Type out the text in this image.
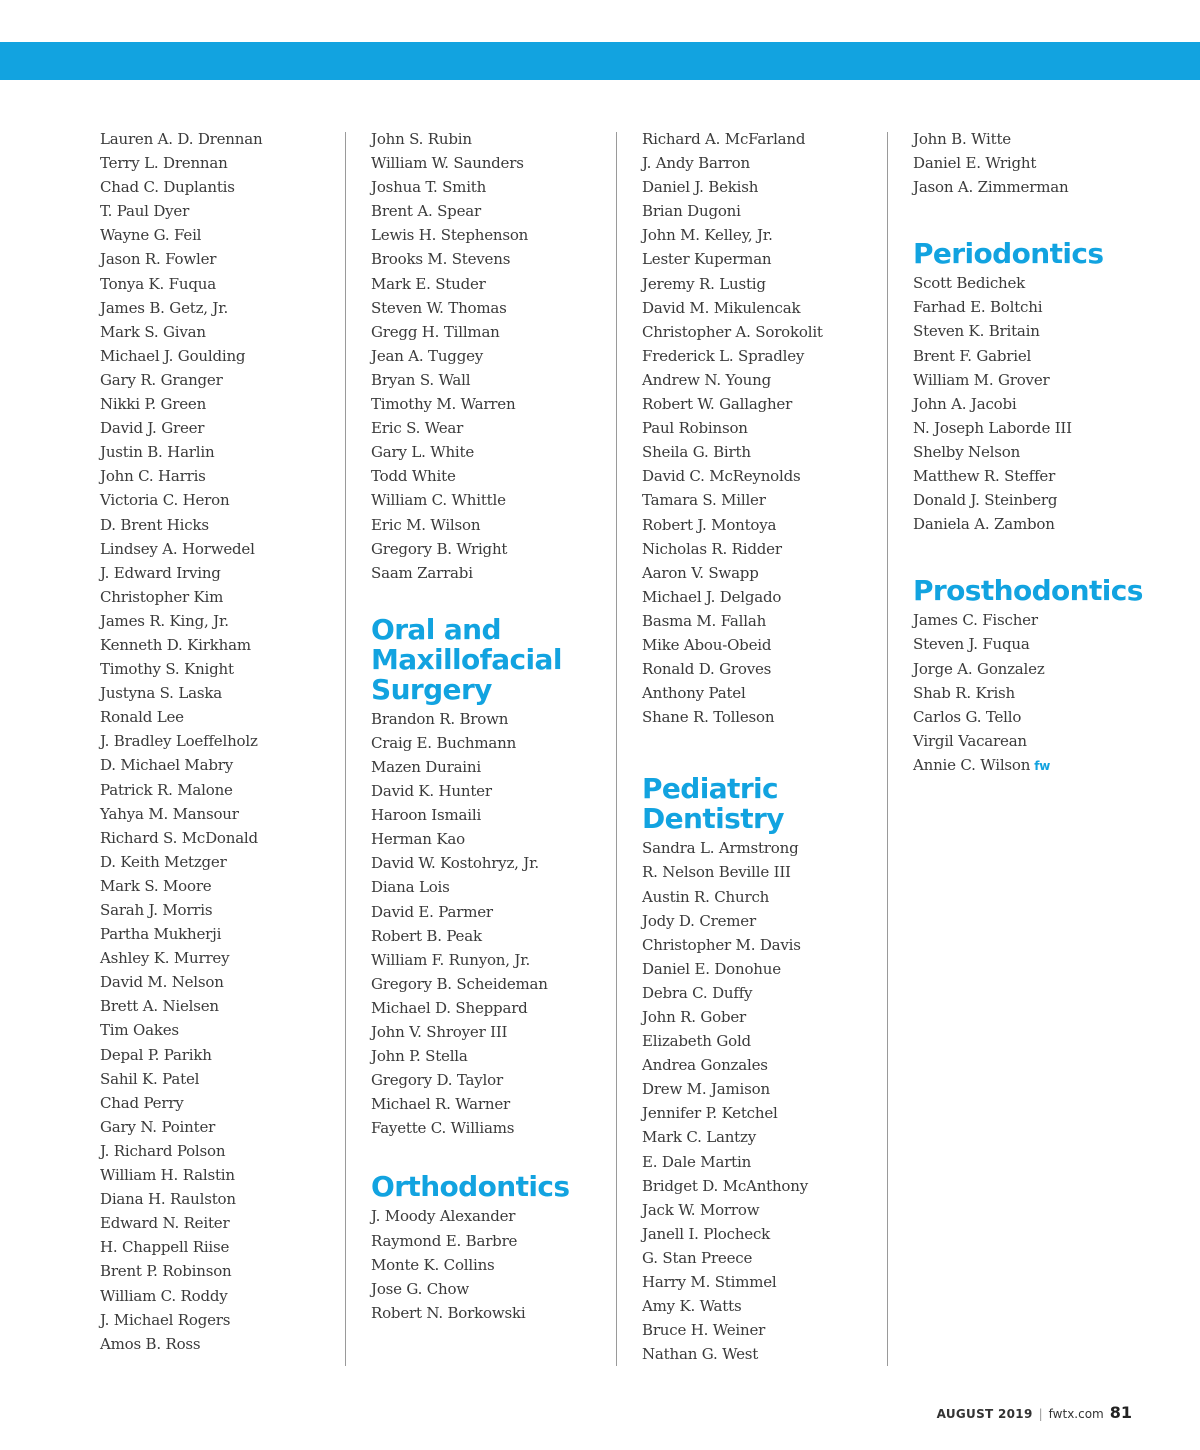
Lauren A. D. Drennan
Terry L. Drennan
Chad C. Duplantis
T. Paul Dyer
Wayne G. Feil
Jason R. Fowler
Tonya K. Fuqua
James B. Getz, Jr.
Mark S. Givan
Michael J. Goulding
Gary R. Granger
Nikki P. Green
David J. Greer
Justin B. Harlin
John C. Harris
Victoria C. Heron
D. Brent Hicks
Lindsey A. Horwedel
J. Edward Irving
Christopher Kim
James R. King, Jr.
Kenneth D. Kirkham
Timothy S. Knight
Justyna S. Laska
Ronald Lee
J. Bradley Loeffelholz
D. Michael Mabry
Patrick R. Malone
Yahya M. Mansour
Richard S. McDonald
D. Keith Metzger
Mark S. Moore
Sarah J. Morris
Partha Mukherji
Ashley K. Murrey
David M. Nelson
Brett A. Nielsen
Tim Oakes
Depal P. Parikh
Sahil K. Patel
Chad Perry
Gary N. Pointer
J. Richard Polson
William H. Ralstin
Diana H. Raulston
Edward N. Reiter
H. Chappell Riise
Brent P. Robinson
William C. Roddy
J. Michael Rogers
Amos B. Ross
John S. Rubin
William W. Saunders
Joshua T. Smith
Brent A. Spear
Lewis H. Stephenson
Brooks M. Stevens
Mark E. Studer
Steven W. Thomas
Gregg H. Tillman
Jean A. Tuggey
Bryan S. Wall
Timothy M. Warren
Eric S. Wear
Gary L. White
Todd White
William C. Whittle
Eric M. Wilson
Gregory B. Wright
Saam Zarrabi
Oral and
Maxillofacial
Surgery
Brandon R. Brown
Craig E. Buchmann
Mazen Duraini
David K. Hunter
Haroon Ismaili
Herman Kao
David W. Kostohryz, Jr.
Diana Lois
David E. Parmer
Robert B. Peak
William F. Runyon, Jr.
Gregory B. Scheideman
Michael D. Sheppard
John V. Shroyer III
John P. Stella
Gregory D. Taylor
Michael R. Warner
Fayette C. Williams
Orthodontics
J. Moody Alexander
Raymond E. Barbre
Monte K. Collins
Jose G. Chow
Robert N. Borkowski
Richard A. McFarland
J. Andy Barron
Daniel J. Bekish
Brian Dugoni
John M. Kelley, Jr.
Lester Kuperman
Jeremy R. Lustig
David M. Mikulencak
Christopher A. Sorokolit
Frederick L. Spradley
Andrew N. Young
Robert W. Gallagher
Paul Robinson
Sheila G. Birth
David C. McReynolds
Tamara S. Miller
Robert J. Montoya
Nicholas R. Ridder
Aaron V. Swapp
Michael J. Delgado
Basma M. Fallah
Mike Abou-Obeid
Ronald D. Groves
Anthony Patel
Shane R. Tolleson
Pediatric
Dentistry
Sandra L. Armstrong
R. Nelson Beville III
Austin R. Church
Jody D. Cremer
Christopher M. Davis
Daniel E. Donohue
Debra C. Duffy
John R. Gober
Elizabeth Gold
Andrea Gonzales
Drew M. Jamison
Jennifer P. Ketchel
Mark C. Lantzy
E. Dale Martin
Bridget D. McAnthony
Jack W. Morrow
Janell I. Plocheck
G. Stan Preece
Harry M. Stimmel
Amy K. Watts
Bruce H. Weiner
Nathan G. West
John B. Witte
Daniel E. Wright
Jason A. Zimmerman
Periodontics
Scott Bedichek
Farhad E. Boltchi
Steven K. Britain
Brent F. Gabriel
William M. Grover
John A. Jacobi
N. Joseph Laborde III
Shelby Nelson
Matthew R. Steffer
Donald J. Steinberg
Daniela A. Zambon
Prosthodontics
James C. Fischer
Steven J. Fuqua
Jorge A. Gonzalez
Shab R. Krish
Carlos G. Tello
Virgil Vacarean
Annie C. Wilson fw
AUGUST 2019 | fwtx.com 81
